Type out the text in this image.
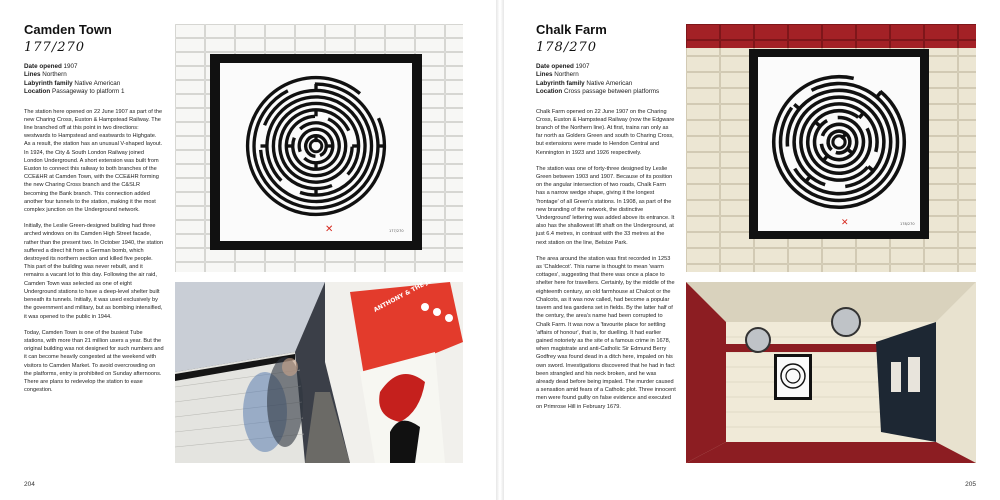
Camden Town
177/270
Date opened 1907
Lines Northern
Labyrinth family Native American
Location Passageway to platform 1

The station here opened on 22 June 1907 as part of the new Charing Cross, Euston & Hampstead Railway. The line branched off at this point in two directions: westwards to Hampstead and eastwards to Highgate. As a result, the station has an unusual V-shaped layout. In 1924, the City & South London Railway joined London Underground. A short extension was built from Euston to connect this railway to both branches of the CCE&HR at Camden Town, with the CCE&HR forming the new Charing Cross branch and the C&SLR becoming the Bank branch. This connection added another four tunnels to the station, making it the most complex junction on the Underground network.

Initially, the Leslie Green-designed building had three arched windows on its Camden High Street facade, rather than the present two. In October 1940, the station suffered a direct hit from a German bomb, which destroyed its northern section and killed five people. This part of the building was never rebuilt, and it remains a vacant lot to this day. Following the air raid, Camden Town was selected as one of eight Underground stations to have a deep-level shelter built beneath its tunnels. Initially, it was used exclusively by the government and military, but as bombing intensified, it was opened to the public in 1944.

Today, Camden Town is one of the busiest Tube stations, with more than 21 million users a year. But the original building was not designed for such numbers and it can become heavily congested at the weekend with visitors to Camden Market. To avoid overcrowding on the platforms, entry is prohibited on Sunday afternoons. There are plans to redevelop the station to ease congestion.

✕	177/270
204
Chalk Farm
178/270
Date opened 1907
Lines Northern
Labyrinth family Native American
Location Cross passage between platforms

Chalk Farm opened on 22 June 1907 on the Charing Cross, Euston & Hampstead Railway (now the Edgware branch of the Northern line). At first, trains ran only as far north as Golders Green and south to Charing Cross, but extensions were made to Hendon Central and Kennington in 1923 and 1926 respectively.

The station was one of forty-three designed by Leslie Green between 1903 and 1907. Because of its position on the angular intersection of two roads, Chalk Farm has a narrow wedge shape, giving it the longest 'frontage' of all Green's stations. In 1908, as part of the new branding of the network, the distinctive 'Underground' lettering was added above its entrance. It also has the shallowest lift shaft on the Underground, at just 6.4 metres, in contrast with the 33 metres at the next station on the line, Belsize Park.

The area around the station was first recorded in 1253 as 'Chaldecot'. This name is thought to mean 'warm cottages', suggesting that there was once a place to shelter here for travellers. Certainly, by the middle of the eighteenth century, an old farmhouse at Chalcot or the Chalcots, as it was now called, had become a popular tavern and tea gardens set in fields. By the latter half of the century, the area's name had been corrupted to Chalk Farm. It was now a 'favourite place for settling 'affairs of honour', that is, for duelling. It had earlier gained notoriety as the site of a famous crime in 1678, when magistrate and anti-Catholic Sir Edmund Berry Godfrey was found dead in a ditch here, impaled on his own sword. Investigations discovered that he had in fact been strangled and his neck broken, and he was already dead before being impaled. The murder caused a sensation amid fears of a Catholic plot. Three innocent men were found guilty on false evidence and executed on Primrose Hill in February 1679.

✕	178/270
205
